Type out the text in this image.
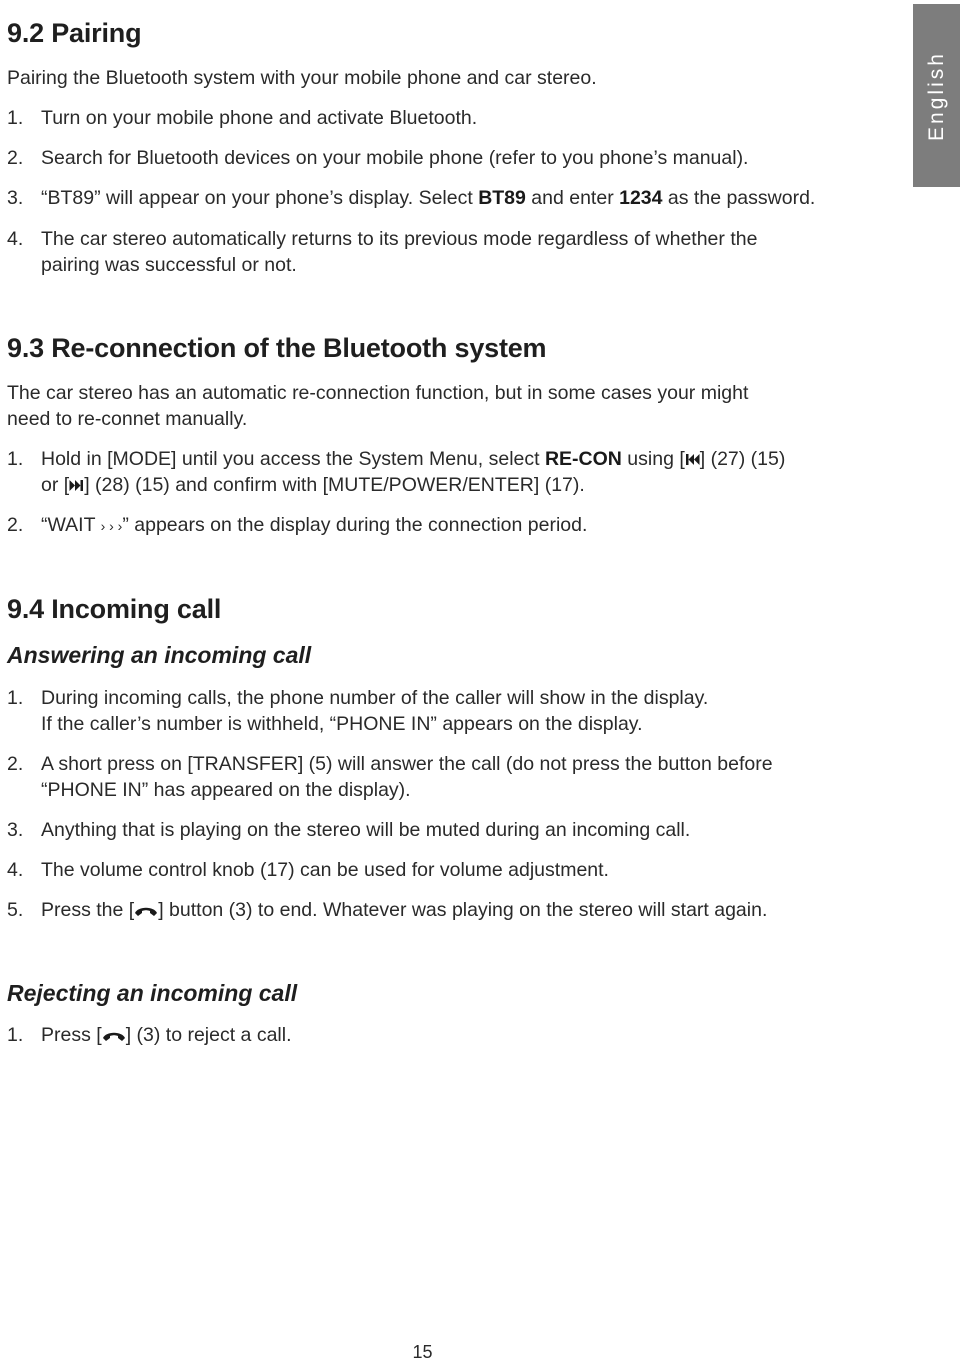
English
9.2 Pairing

Pairing the Bluetooth system with your mobile phone and car stereo.

1. Turn on your mobile phone and activate Bluetooth.
2. Search for Bluetooth devices on your mobile phone (refer to you phone’s manual).
3. “BT89” will appear on your phone’s display. Select BT89 and enter 1234 as the password.
4. The car stereo automatically returns to its previous mode regardless of whether the
pairing was successful or not.
9.3 Re-connection of the Bluetooth system

The car stereo has an automatic re-connection function, but in some cases your might
need to re-connet manually.

1. Hold in [MODE] until you access the System Menu, select RE-CON using [ ] (27) (15)
or [ ] (28) (15) and confirm with [MUTE/POWER/ENTER] (17).
2. “WAIT › › ›” appears on the display during the connection period.
9.4 Incoming call
Answering an incoming call
1. During incoming calls, the phone number of the caller will show in the display.
If the caller’s number is withheld, “PHONE IN” appears on the display.
2. A short press on [TRANSFER] (5) will answer the call (do not press the button before
“PHONE IN” has appeared on the display).
3. Anything that is playing on the stereo will be muted during an incoming call.
4. The volume control knob (17) can be used for volume adjustment.
5. Press the [ ] button (3) to end. Whatever was playing on the stereo will start again.
Rejecting an incoming call
1. Press [ ] (3) to reject a call.
15
